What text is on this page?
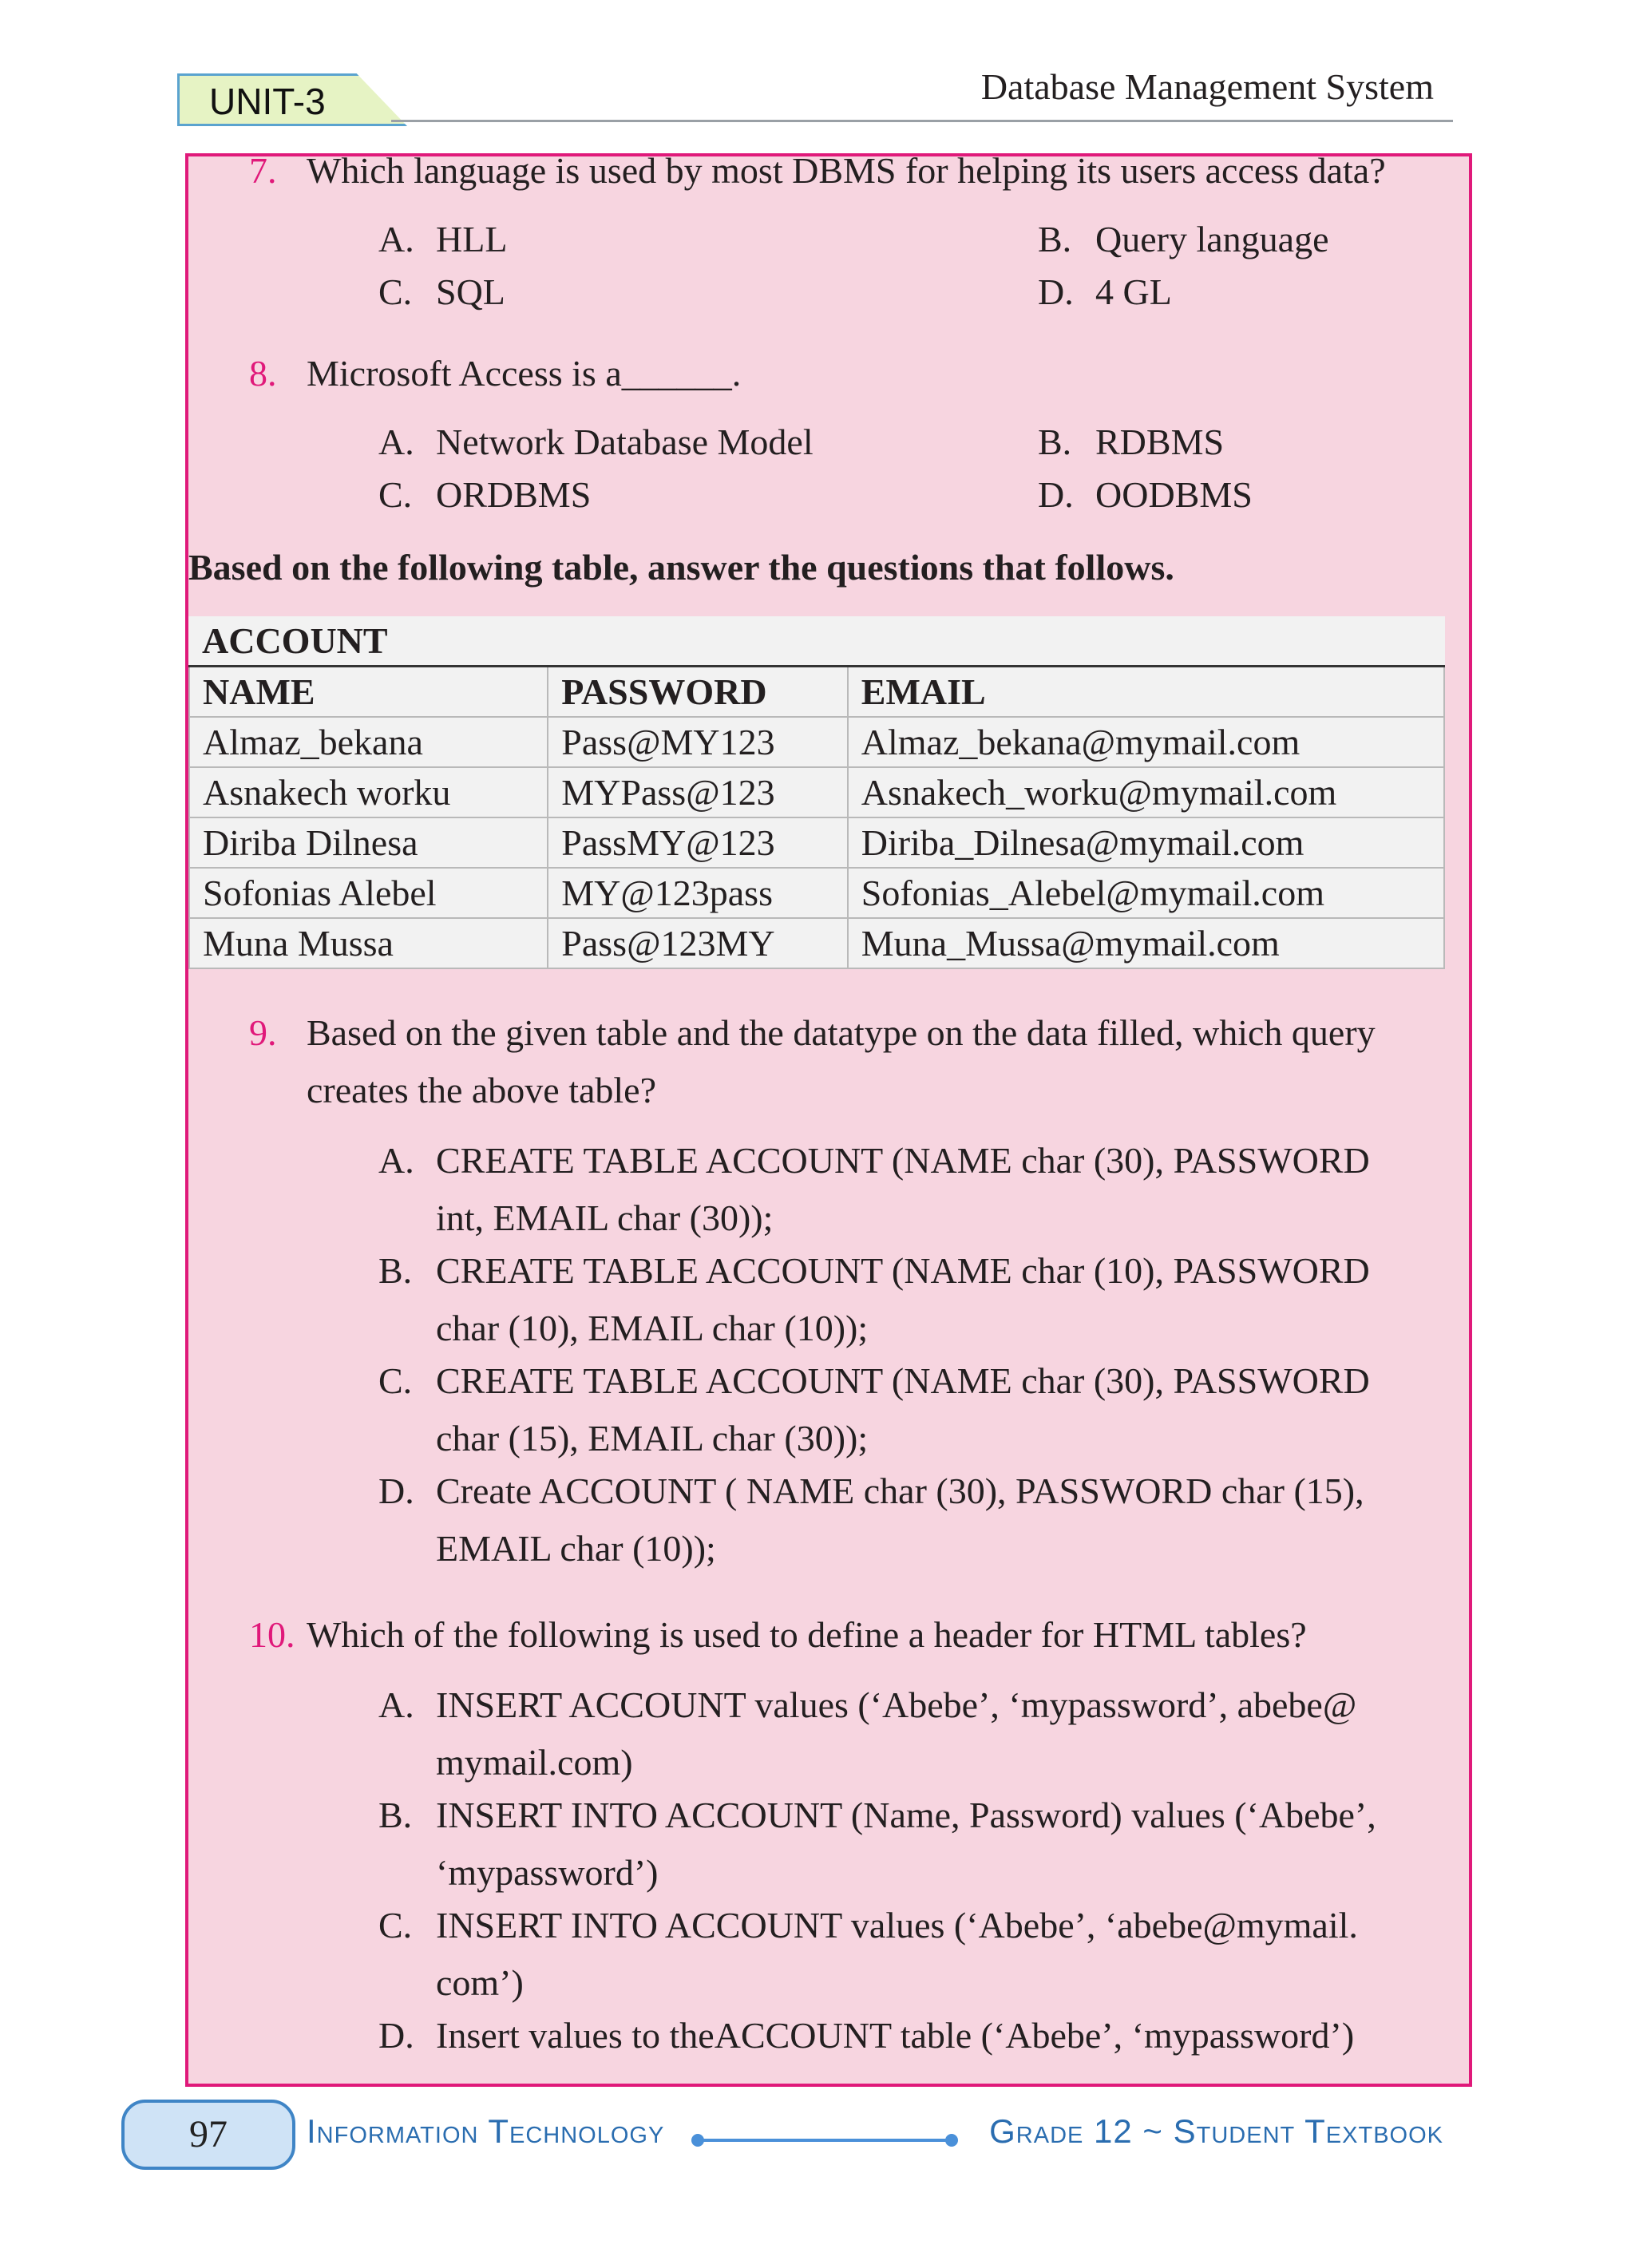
UNIT-3	Database Management System
7. Which language is used by most DBMS for helping its users access data?
A. HLL	B. Query language
C. SQL	D. 4 GL
8. Microsoft Access is a______.
A. Network Database Model	B. RDBMS
C. ORDBMS	D. OODBMS
Based on the following table, answer the questions that follows.
ACCOUNT		
NAME	PASSWORD	EMAIL
Almaz_bekana	Pass@MY123	Almaz_bekana@mymail.com
Asnakech worku	MYPass@123	Asnakech_worku@mymail.com
Diriba Dilnesa	PassMY@123	Diriba_Dilnesa@mymail.com
Sofonias Alebel	MY@123pass	Sofonias_Alebel@mymail.com
Muna Mussa	Pass@123MY	Muna_Mussa@mymail.com
9. Based on the given table and the datatype on the data filled, which query
creates the above table?
A. CREATE TABLE ACCOUNT (NAME char (30), PASSWORD
int, EMAIL char (30));
B. CREATE TABLE ACCOUNT (NAME char (10), PASSWORD
char (10), EMAIL char (10));
C. CREATE TABLE ACCOUNT (NAME char (30), PASSWORD
char (15), EMAIL char (30));
D. Create ACCOUNT ( NAME char (30), PASSWORD char (15),
EMAIL char (10));
10. Which of the following is used to define a header for HTML tables?
A. INSERT ACCOUNT values (‘Abebe’, ‘mypassword’, abebe@
mymail.com)
B. INSERT INTO ACCOUNT (Name, Password) values (‘Abebe’,
‘mypassword’)
C. INSERT INTO ACCOUNT values (‘Abebe’, ‘abebe@mymail.
com’)
D. Insert values to theACCOUNT table (‘Abebe’, ‘mypassword’)
97	Information Technology	Grade 12 ~ Student Textbook
